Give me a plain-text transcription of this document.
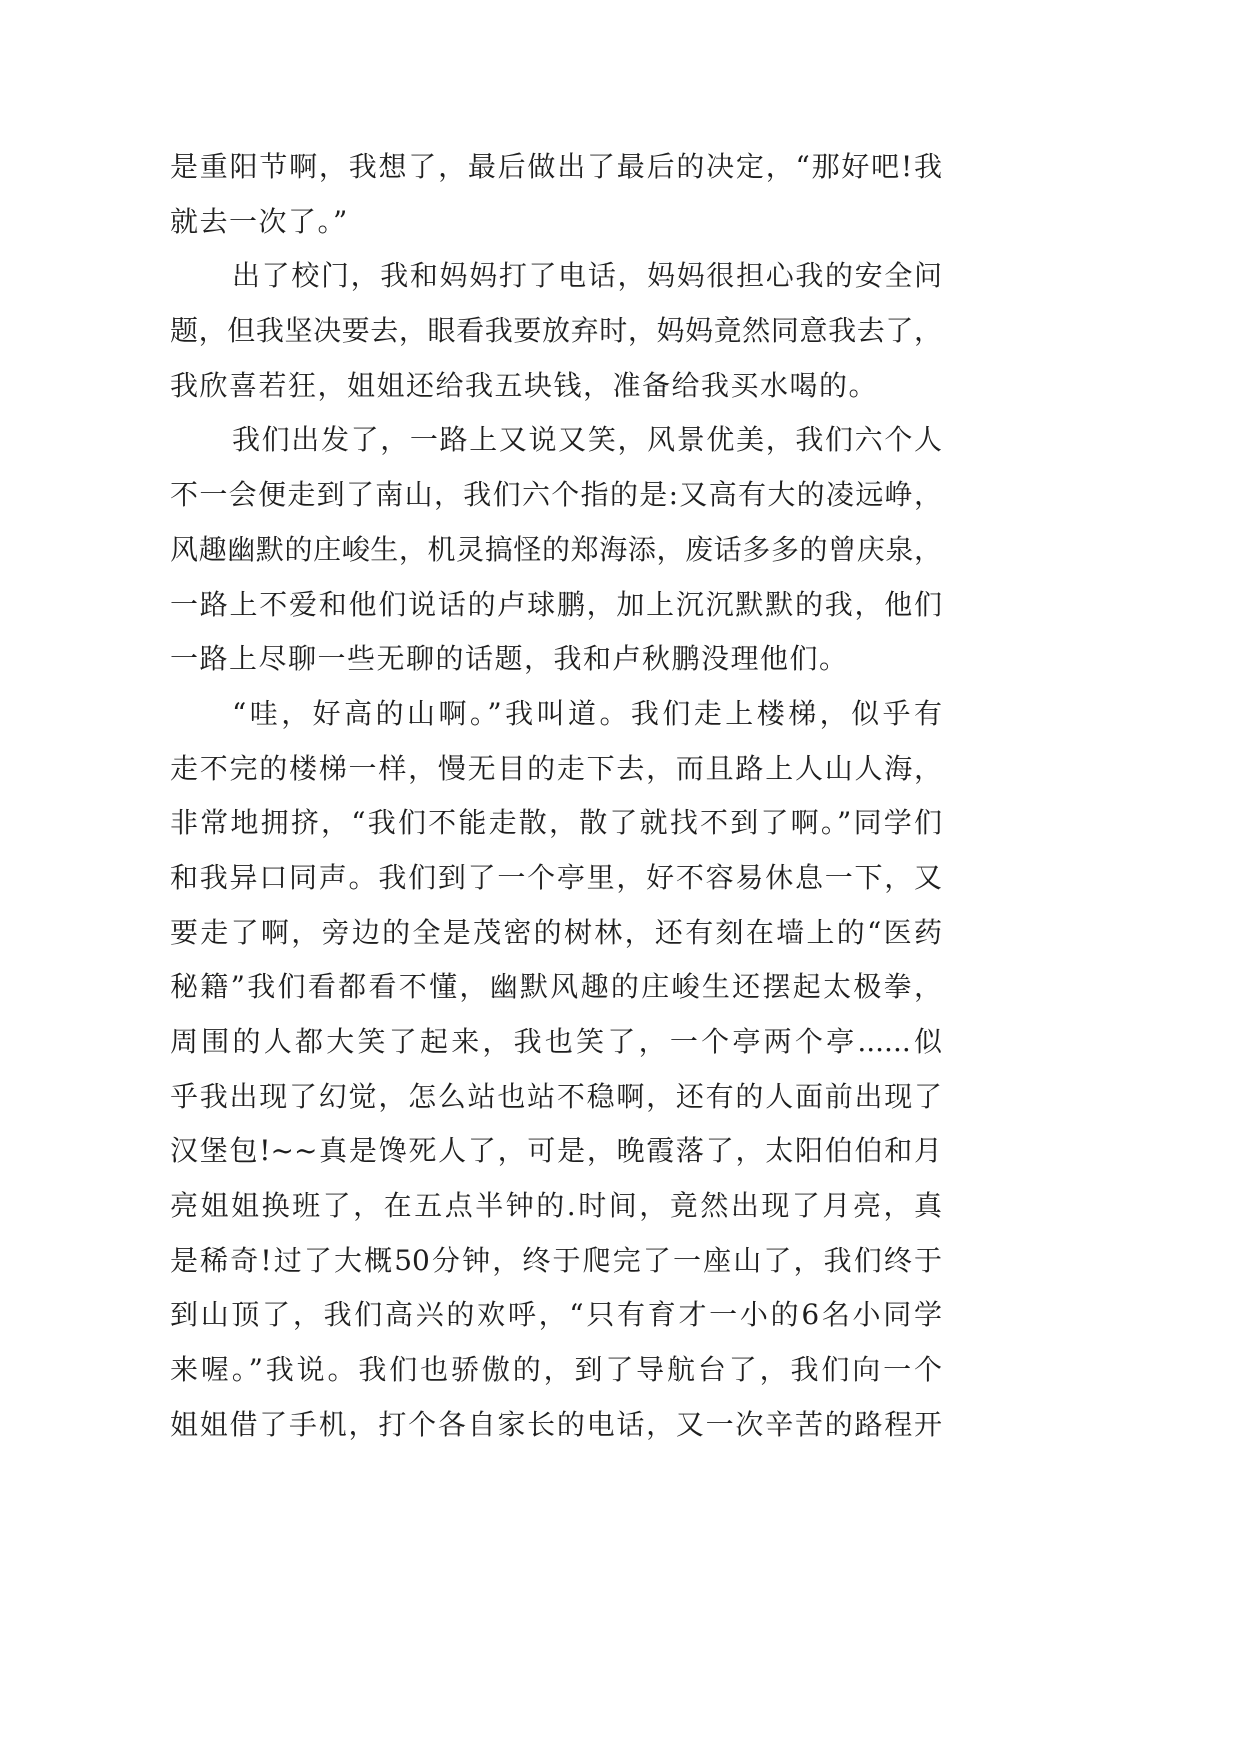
是重阳节啊，我想了，最后做出了最后的决定，“那好吧!我
就去一次了。”
出了校门，我和妈妈打了电话，妈妈很担心我的安全问
题，但我坚决要去，眼看我要放弃时，妈妈竟然同意我去了，
我欣喜若狂，姐姐还给我五块钱，准备给我买水喝的。
我们出发了，一路上又说又笑，风景优美，我们六个人
不一会便走到了南山，我们六个指的是:又高有大的凌远峥，
风趣幽默的庄峻生，机灵搞怪的郑海添，废话多多的曾庆泉，
一路上不爱和他们说话的卢球鹏，加上沉沉默默的我，他们
一路上尽聊一些无聊的话题，我和卢秋鹏没理他们。
“哇，好高的山啊。”我叫道。我们走上楼梯，似乎有
走不完的楼梯一样，慢无目的走下去，而且路上人山人海，
非常地拥挤，“我们不能走散，散了就找不到了啊。”同学们
和我异口同声。我们到了一个亭里，好不容易休息一下，又
要走了啊，旁边的全是茂密的树林，还有刻在墙上的“医药
秘籍”我们看都看不懂，幽默风趣的庄峻生还摆起太极拳，
周围的人都大笑了起来，我也笑了，一个亭两个亭......似
乎我出现了幻觉，怎么站也站不稳啊，还有的人面前出现了
汉堡包!~~真是馋死人了，可是，晚霞落了，太阳伯伯和月
亮姐姐换班了，在五点半钟的.时间，竟然出现了月亮，真
是稀奇!过了大概50分钟，终于爬完了一座山了，我们终于
到山顶了，我们高兴的欢呼，“只有育才一小的6名小同学
来喔。”我说。我们也骄傲的，到了导航台了，我们向一个
姐姐借了手机，打个各自家长的电话，又一次辛苦的路程开
